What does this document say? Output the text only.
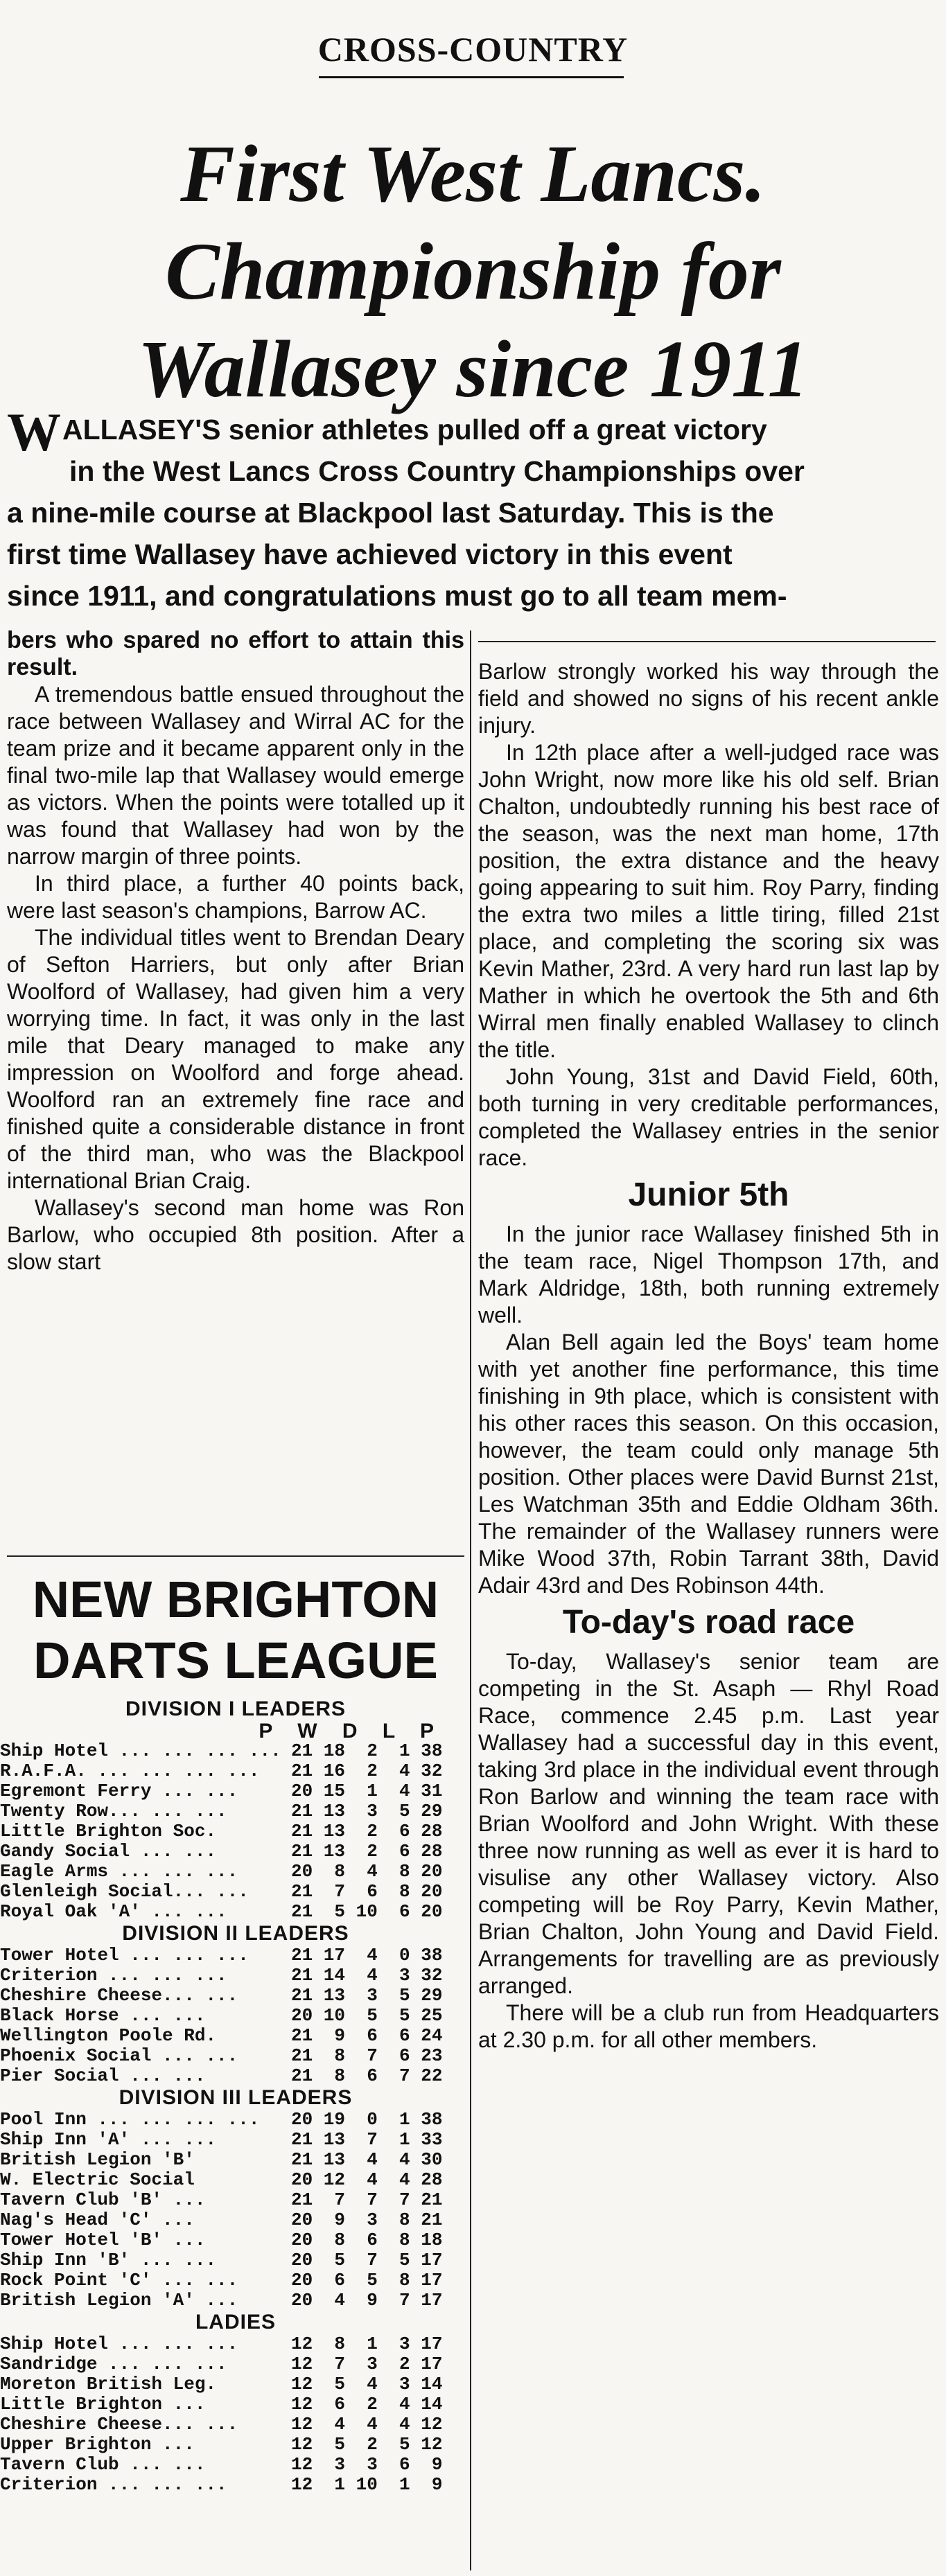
CROSS-COUNTRY
First West Lancs.
Championship for
Wallasey since 1911
W ALLASEY'S senior athletes pulled off a great victory
in the West Lancs Cross Country Championships over
a nine-mile course at Blackpool last Saturday. This is the
first time Wallasey have achieved victory in this event
since 1911, and congratulations must go to all team mem-

bers who spared no effort to attain this result.

A tremendous battle ensued throughout the race between Wallasey and Wirral AC for the team prize and it became apparent only in the final two-mile lap that Wallasey would emerge as victors. When the points were totalled up it was found that Wallasey had won by the narrow margin of three points.

In third place, a further 40 points back, were last season's champions, Barrow AC.

The individual titles went to Brendan Deary of Sefton Harriers, but only after Brian Woolford of Wallasey, had given him a very worrying time. In fact, it was only in the last mile that Deary managed to make any impression on Woolford and forge ahead. Woolford ran an extremely fine race and finished quite a considerable distance in front of the third man, who was the Blackpool international Brian Craig.

Wallasey's second man home was Ron Barlow, who occupied 8th position. After a slow start

Barlow strongly worked his way through the field and showed no signs of his recent ankle injury.

In 12th place after a well-judged race was John Wright, now more like his old self. Brian Chalton, undoubtedly running his best race of the season, was the next man home, 17th position, the extra distance and the heavy going appearing to suit him. Roy Parry, finding the extra two miles a little tiring, filled 21st place, and completing the scoring six was Kevin Mather, 23rd. A very hard run last lap by Mather in which he overtook the 5th and 6th Wirral men finally enabled Wallasey to clinch the title.

John Young, 31st and David Field, 60th, both turning in very creditable performances, completed the Wallasey entries in the senior race.

Junior 5th

In the junior race Wallasey finished 5th in the team race, Nigel Thompson 17th, and Mark Aldridge, 18th, both running extremely well.

Alan Bell again led the Boys' team home with yet another fine performance, this time finishing in 9th place, which is consistent with his other races this season. On this occasion, however, the team could only manage 5th position. Other places were David Burnst 21st, Les Watchman 35th and Eddie Oldham 36th. The remainder of the Wallasey runners were Mike Wood 37th, Robin Tarrant 38th, David Adair 43rd and Des Robinson 44th.

To-day's road race

To-day, Wallasey's senior team are competing in the St. Asaph — Rhyl Road Race, commence 2.45 p.m. Last year Wallasey had a successful day in this event, taking 3rd place in the individual event through Ron Barlow and winning the team race with Brian Woolford and John Wright. With these three now running as well as ever it is hard to visulise any other Wallasey victory. Also competing will be Roy Parry, Kevin Mather, Brian Chalton, John Young and David Field. Arrangements for travelling are as previously arranged.

There will be a club run from Headquarters at 2.30 p.m. for all other members.

NEW BRIGHTON
DARTS LEAGUE
DIVISION I LEADERS
P W D L P
Ship Hotel ... ... ... ... 21 18  2  1 38
R.A.F.A. ... ... ... ...	21 16  2  4 32
Egremont Ferry ... ...	20 15  1  4 31
Twenty Row... ... ...	21 13  3  5 29
Little Brighton Soc.	21 13  2  6 28
Gandy Social ... ...	21 13  2  6 28
Eagle Arms ... ... ...	20  8  4  8 20
Glenleigh Social... ...	21  7  6  8 20
Royal Oak 'A' ... ...	21  5 10  6 20
DIVISION II LEADERS
Tower Hotel ... ... ...	21 17  4  0 38
Criterion ... ... ...	21 14  4  3 32
Cheshire Cheese... ...	21 13  3  5 29
Black Horse ... ...	20 10  5  5 25
Wellington Poole Rd.	21  9  6  6 24
Phoenix Social ... ...	21  8  7  6 23
Pier Social ... ...	21  8  6  7 22
DIVISION III LEADERS
Pool Inn ... ... ... ...	20 19  0  1 38
Ship Inn 'A' ... ...	21 13  7  1 33
British Legion 'B'	21 13  4  4 30
W. Electric Social	20 12  4  4 28
Tavern Club 'B' ...	21  7  7  7 21
Nag's Head 'C' ...	20  9  3  8 21
Tower Hotel 'B' ...	20  8  6  8 18
Ship Inn 'B' ... ...	20  5  7  5 17
Rock Point 'C' ... ...	20  6  5  8 17
British Legion 'A' ...	20  4  9  7 17
LADIES
Ship Hotel ... ... ...	12  8  1  3 17
Sandridge ... ... ...	12  7  3  2 17
Moreton British Leg.	12  5  4  3 14
Little Brighton ...	12  6  2  4 14
Cheshire Cheese... ...	12  4  4  4 12
Upper Brighton ...	12  5  2  5 12
Tavern Club ... ...	12  3  3  6  9
Criterion ... ... ...	12  1 10  1  9
